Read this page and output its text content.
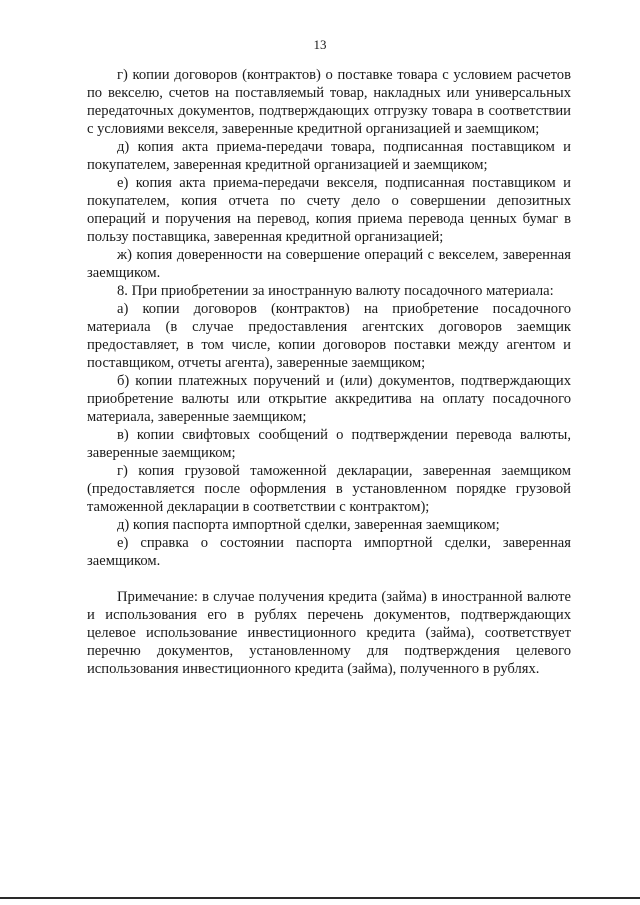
13

г) копии договоров (контрактов) о поставке товара с условием расчетов по векселю, счетов на поставляемый товар, накладных или универсальных передаточных документов, подтверждающих отгрузку товара в соответствии с условиями векселя, заверенные кредитной организацией и заемщиком;

д) копия акта приема-передачи товара, подписанная поставщиком и покупателем, заверенная кредитной организацией и заемщиком;

е) копия акта приема-передачи векселя, подписанная поставщиком и покупателем, копия отчета по счету дело о совершении депозитных операций и поручения на перевод, копия приема перевода ценных бумаг в пользу поставщика, заверенная кредитной организацией;

ж) копия доверенности на совершение операций с векселем, заверенная заемщиком.

8. При приобретении за иностранную валюту посадочного материала:

а) копии договоров (контрактов) на приобретение посадочного материала (в случае предоставления агентских договоров заемщик предоставляет, в том числе, копии договоров поставки между агентом и поставщиком, отчеты агента), заверенные заемщиком;

б) копии платежных поручений и (или) документов, подтверждающих приобретение валюты или открытие аккредитива на оплату посадочного материала, заверенные заемщиком;

в) копии свифтовых сообщений о подтверждении перевода валюты, заверенные заемщиком;

г) копия грузовой таможенной декларации, заверенная заемщиком (предоставляется после оформления в установленном порядке грузовой таможенной декларации в соответствии с контрактом);

д) копия паспорта импортной сделки, заверенная заемщиком;

е) справка о состоянии паспорта импортной сделки, заверенная заемщиком.

Примечание: в случае получения кредита (займа) в иностранной валюте и использования его в рублях перечень документов, подтверждающих целевое использование инвестиционного кредита (займа), соответствует перечню документов, установленному для подтверждения целевого использования инвестиционного кредита (займа), полученного в рублях.
